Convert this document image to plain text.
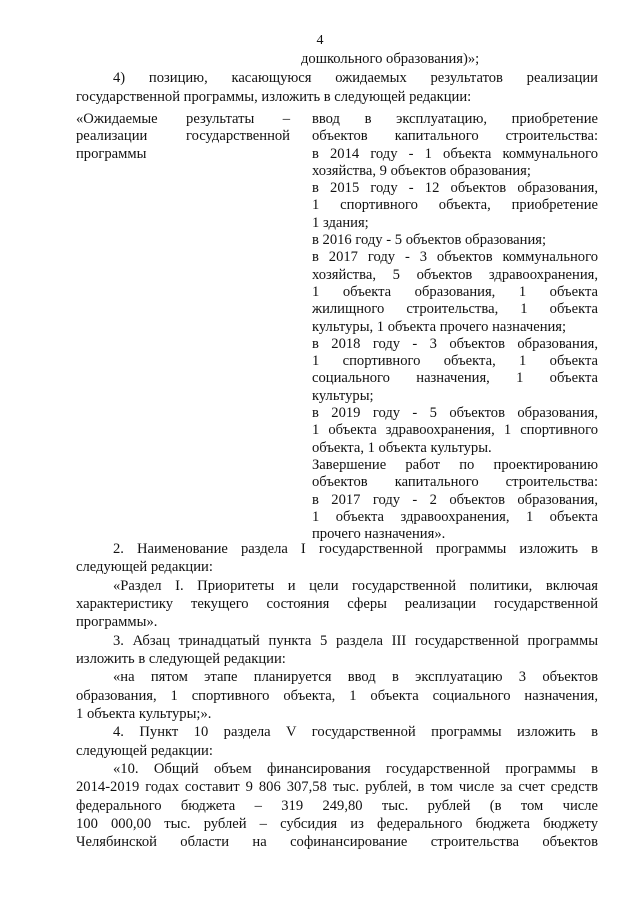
4
дошкольного образования)»;
4) позицию, касающуюся ожидаемых результатов реализации
государственной программы, изложить в следующей редакции:
«Ожидаемые результаты –
реализации государственной
программы
ввод в эксплуатацию, приобретение
объектов капитального строительства:
в 2014 году - 1 объекта коммунального
хозяйства, 9 объектов образования;
в 2015 году - 12 объектов образования,
1 спортивного объекта, приобретение
1 здания;
в 2016 году - 5 объектов образования;
в 2017 году - 3 объектов коммунального
хозяйства, 5 объектов здравоохранения,
1 объекта образования, 1 объекта
жилищного строительства, 1 объекта
культуры, 1 объекта прочего назначения;
в 2018 году - 3 объектов образования,
1 спортивного объекта, 1 объекта
социального назначения, 1 объекта
культуры;
в 2019 году - 5 объектов образования,
1 объекта здравоохранения, 1 спортивного
объекта, 1 объекта культуры.
Завершение работ по проектированию
объектов капитального строительства:
в 2017 году - 2 объектов образования,
1 объекта здравоохранения, 1 объекта
прочего назначения».
2. Наименование раздела I государственной программы изложить в
следующей редакции:
«Раздел I. Приоритеты и цели государственной политики, включая
характеристику текущего состояния сферы реализации государственной
программы».
3. Абзац тринадцатый пункта 5 раздела III государственной программы
изложить в следующей редакции:
«на пятом этапе планируется ввод в эксплуатацию 3 объектов
образования, 1 спортивного объекта, 1 объекта социального назначения,
1 объекта культуры;».
4. Пункт 10 раздела V государственной программы изложить в
следующей редакции:
«10. Общий объем финансирования государственной программы в
2014-2019 годах составит 9 806 307,58 тыс. рублей, в том числе за счет средств
федерального бюджета – 319 249,80 тыс. рублей (в том числе
100 000,00 тыс. рублей – субсидия из федерального бюджета бюджету
Челябинской области на софинансирование строительства объектов
